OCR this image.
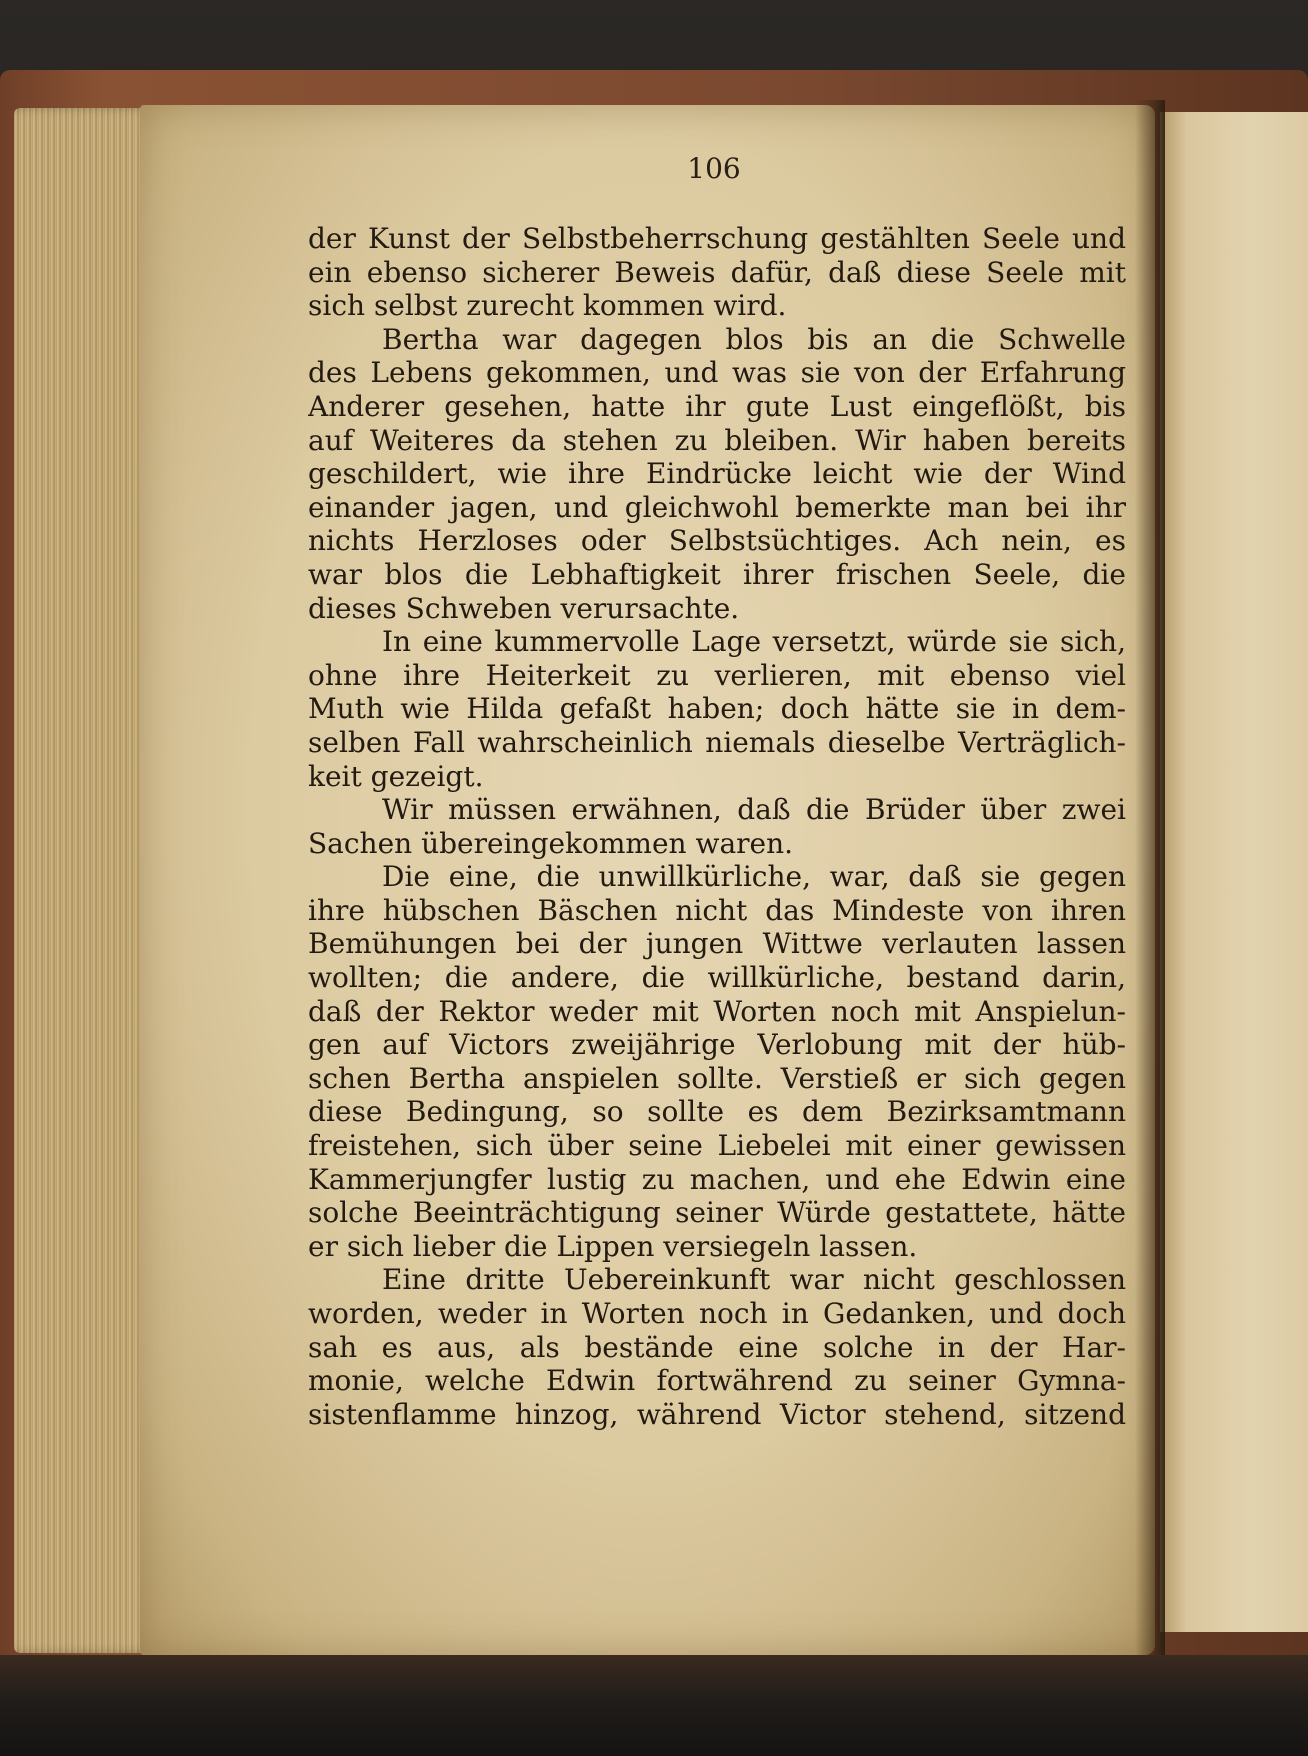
106
der Kunst der Selbstbeherrschung gestählten Seele und
ein ebenso sicherer Beweis dafür, daß diese Seele mit
sich selbst zurecht kommen wird.
Bertha war dagegen blos bis an die Schwelle
des Lebens gekommen, und was sie von der Erfahrung
Anderer gesehen, hatte ihr gute Lust eingeflößt, bis
auf Weiteres da stehen zu bleiben. Wir haben bereits
geschildert, wie ihre Eindrücke leicht wie der Wind
einander jagen, und gleichwohl bemerkte man bei ihr
nichts Herzloses oder Selbstsüchtiges. Ach nein, es
war blos die Lebhaftigkeit ihrer frischen Seele, die
dieses Schweben verursachte.
In eine kummervolle Lage versetzt, würde sie sich,
ohne ihre Heiterkeit zu verlieren, mit ebenso viel
Muth wie Hilda gefaßt haben; doch hätte sie in dem-
selben Fall wahrscheinlich niemals dieselbe Verträglich-
keit gezeigt.
Wir müssen erwähnen, daß die Brüder über zwei
Sachen übereingekommen waren.
Die eine, die unwillkürliche, war, daß sie gegen
ihre hübschen Bäschen nicht das Mindeste von ihren
Bemühungen bei der jungen Wittwe verlauten lassen
wollten; die andere, die willkürliche, bestand darin,
daß der Rektor weder mit Worten noch mit Anspielun-
gen auf Victors zweijährige Verlobung mit der hüb-
schen Bertha anspielen sollte. Verstieß er sich gegen
diese Bedingung, so sollte es dem Bezirksamtmann
freistehen, sich über seine Liebelei mit einer gewissen
Kammerjungfer lustig zu machen, und ehe Edwin eine
solche Beeinträchtigung seiner Würde gestattete, hätte
er sich lieber die Lippen versiegeln lassen.
Eine dritte Uebereinkunft war nicht geschlossen
worden, weder in Worten noch in Gedanken, und doch
sah es aus, als bestände eine solche in der Har-
monie, welche Edwin fortwährend zu seiner Gymna-
sistenflamme hinzog, während Victor stehend, sitzend
